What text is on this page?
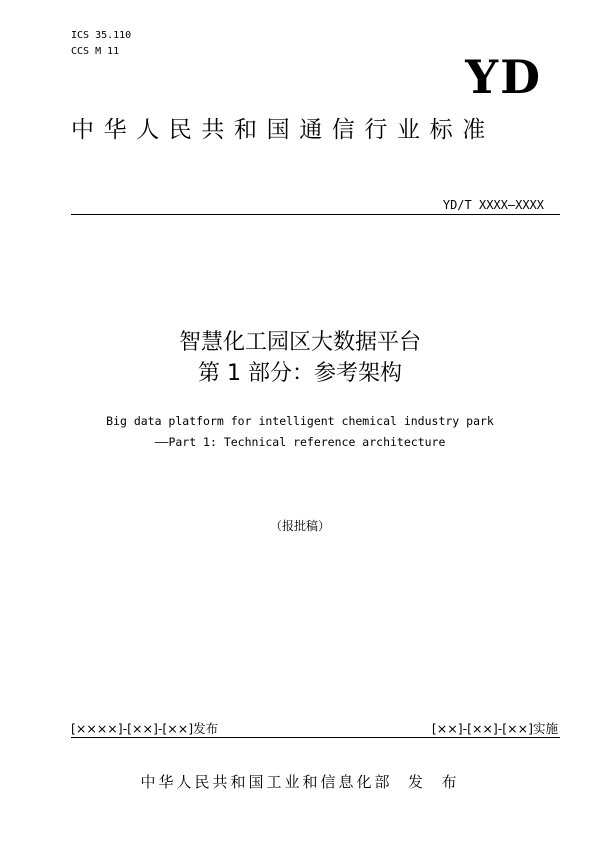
ICS 35.110
CCS M 11	YD
中华人民共和国通信行业标准
YD/T XXXX—XXXX
智慧化工园区大数据平台
第 1 部分：参考架构
Big data platform for intelligent chemical industry park
——Part 1: Technical reference architecture
（报批稿）
[××××]-[××]-[××]发布	[××]-[××]-[××]实施
中华人民共和国工业和信息化部  发  布
